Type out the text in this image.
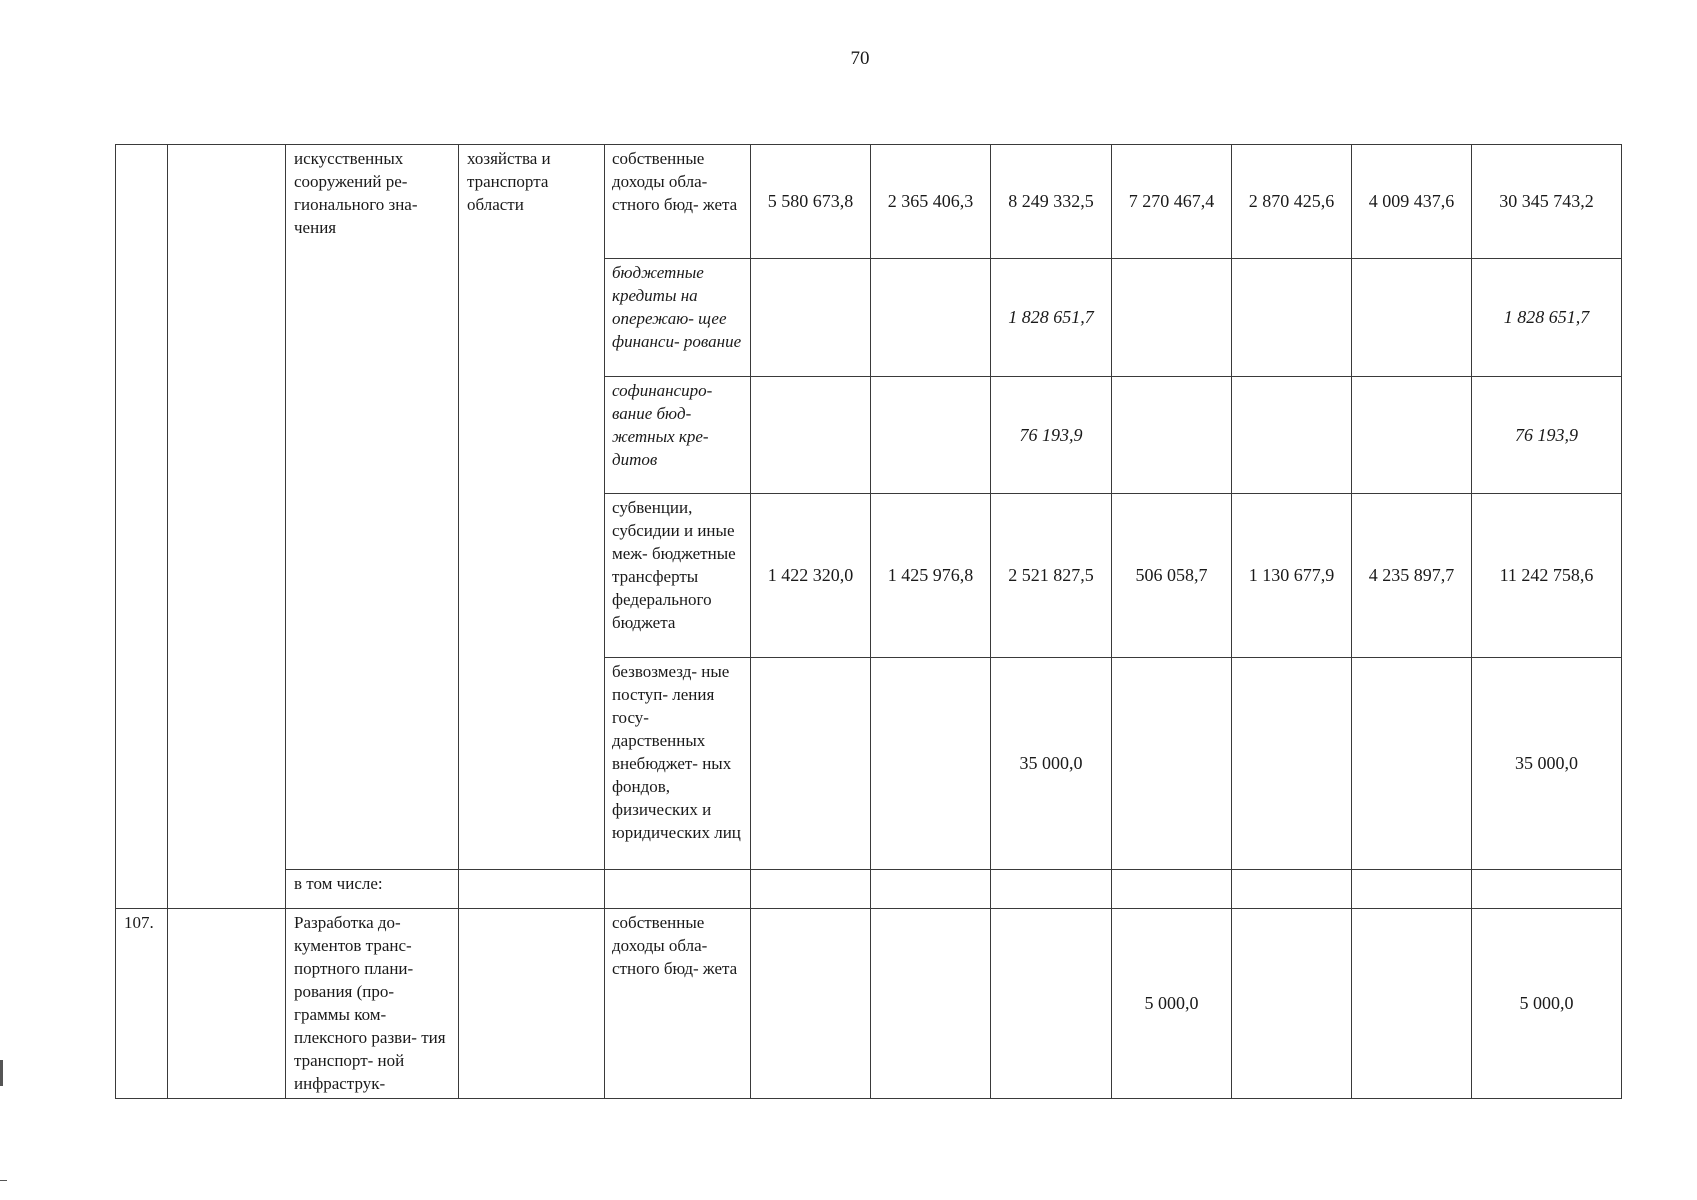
70
		искусственных сооружений ре- гионального зна- чения	хозяйства и транспорта области	собственные доходы обла- стного бюд- жета	5 580 673,8	2 365 406,3	8 249 332,5	7 270 467,4	2 870 425,6	4 009 437,6	30 345 743,2
				бюджетные кредиты на опережаю- щее финанси- рование			1 828 651,7				1 828 651,7
				софинансиро- вание бюд- жетных кре- дитов			76 193,9				76 193,9
				субвенции, субсидии и иные меж- бюджетные трансферты федерального бюджета	1 422 320,0	1 425 976,8	2 521 827,5	506 058,7	1 130 677,9	4 235 897,7	11 242 758,6
				безвозмезд- ные поступ- ления госу- дарственных внебюджет- ных фондов, физических и юридических лиц			35 000,0				35 000,0
		в том числе:									
107.		Разработка до- кументов транс- портного плани- рования (про- граммы ком- плексного разви- тия транспорт- ной инфраструк-		собственные доходы обла- стного бюд- жета				5 000,0			5 000,0
